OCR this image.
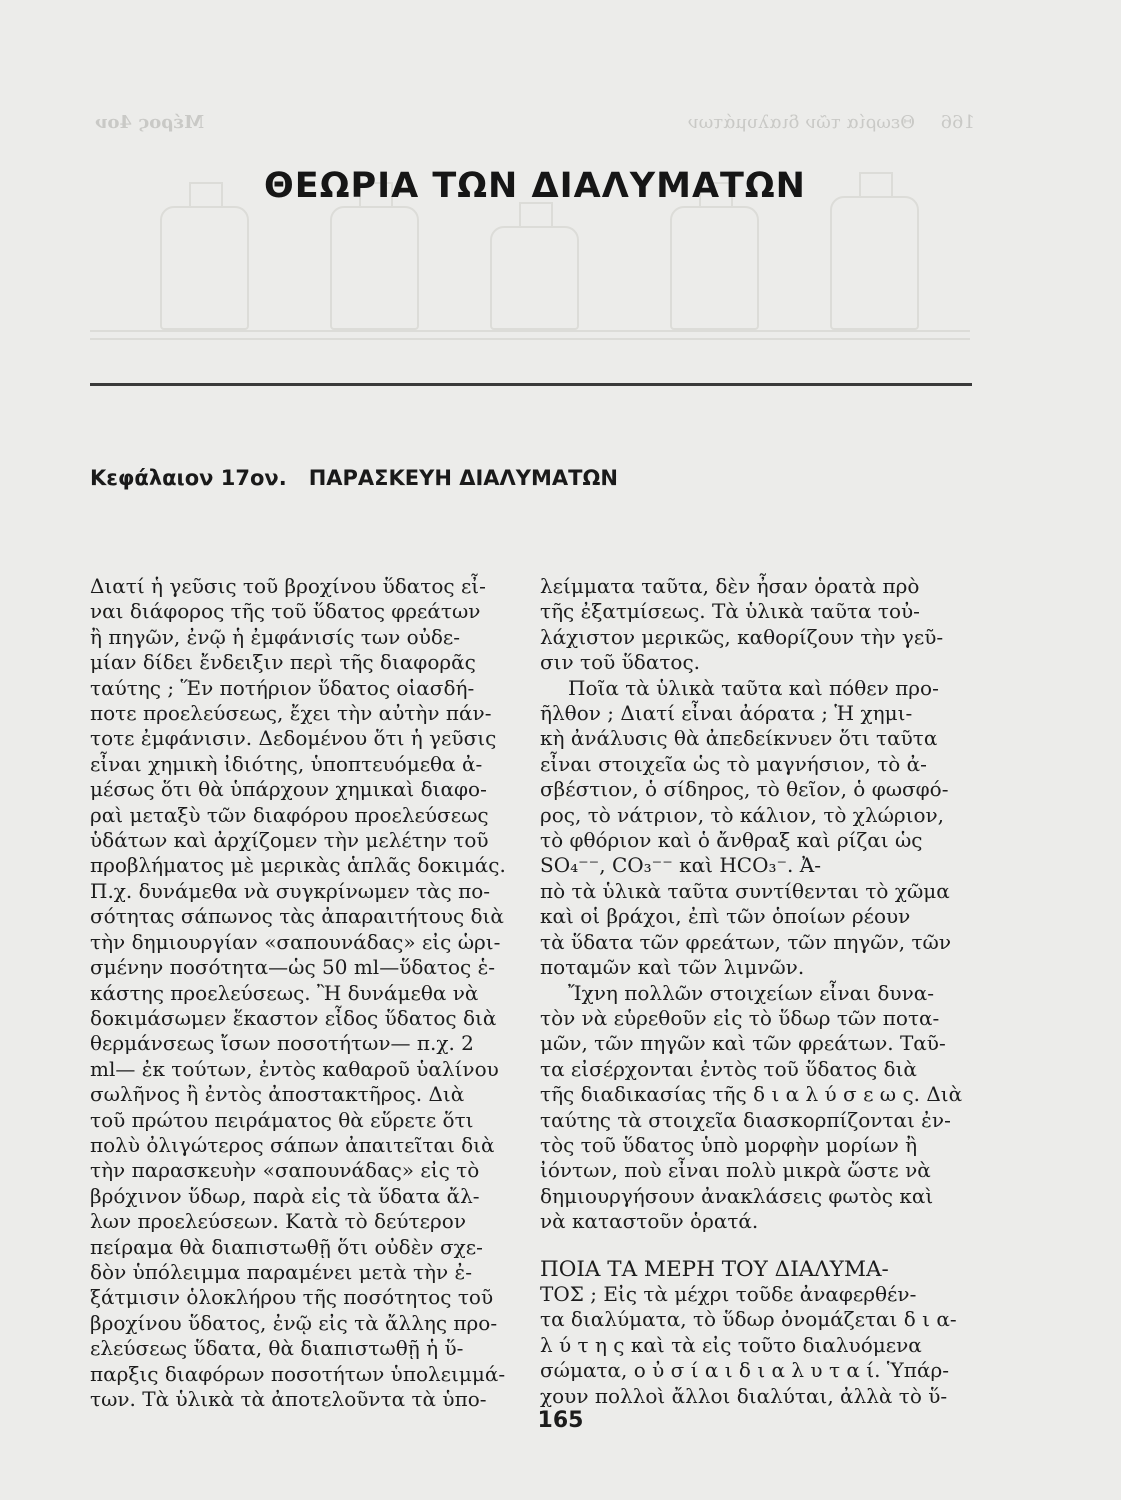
166
Θεωρία τῶν διαλυμάτων
Μέρος 4ον
ΘΕΩΡΙΑ ΤΩΝ ΔΙΑΛΥΜΑΤΩΝ
Κεφάλαιον 17ον. ΠΑΡΑΣΚΕΥΗ ΔΙΑΛΥΜΑΤΩΝ
Διατί ἡ γεῦσις τοῦ βροχίνου ὕδατος εἶ-
ναι διάφορος τῆς τοῦ ὕδατος φρεάτων
ἢ πηγῶν, ἐνῷ ἡ ἐμφάνισίς των οὐδε-
μίαν δίδει ἔνδειξιν περὶ τῆς διαφορᾶς
ταύτης ; Ἕν ποτήριον ὕδατος οἱασδή-
ποτε προελεύσεως, ἔχει τὴν αὐτὴν πάν-
τοτε ἐμφάνισιν. Δεδομένου ὅτι ἡ γεῦσις
εἶναι χημικὴ ἰδιότης, ὑποπτευόμεθα ἀ-
μέσως ὅτι θὰ ὑπάρχουν χημικαὶ διαφο-
ραὶ μεταξὺ τῶν διαφόρου προελεύσεως
ὑδάτων καὶ ἀρχίζομεν τὴν μελέτην τοῦ
προβλήματος μὲ μερικὰς ἁπλᾶς δοκιμάς.
Π.χ. δυνάμεθα νὰ συγκρίνωμεν τὰς πο-
σότητας σάπωνος τὰς ἀπαραιτήτους διὰ
τὴν δημιουργίαν «σαπουνάδας» εἰς ὡρι-
σμένην ποσότητα—ὡς 50 ml—ὕδατος ἑ-
κάστης προελεύσεως. Ἢ δυνάμεθα νὰ
δοκιμάσωμεν ἕκαστον εἶδος ὕδατος διὰ
θερμάνσεως ἴσων ποσοτήτων— π.χ. 2
ml— ἐκ τούτων, ἐντὸς καθαροῦ ὑαλίνου
σωλῆνος ἢ ἐντὸς ἀποστακτῆρος. Διὰ
τοῦ πρώτου πειράματος θὰ εὕρετε ὅτι
πολὺ ὀλιγώτερος σάπων ἀπαιτεῖται διὰ
τὴν παρασκευὴν «σαπουνάδας» εἰς τὸ
βρόχινον ὕδωρ, παρὰ εἰς τὰ ὕδατα ἄλ-
λων προελεύσεων. Κατὰ τὸ δεύτερον
πείραμα θὰ διαπιστωθῇ ὅτι οὐδὲν σχε-
δὸν ὑπόλειμμα παραμένει μετὰ τὴν ἐ-
ξάτμισιν ὁλοκλήρου τῆς ποσότητος τοῦ
βροχίνου ὕδατος, ἐνῷ εἰς τὰ ἄλλης προ-
ελεύσεως ὕδατα, θὰ διαπιστωθῇ ἡ ὕ-
παρξις διαφόρων ποσοτήτων ὑπολειμμά-
των. Τὰ ὑλικὰ τὰ ἀποτελοῦντα τὰ ὑπο-
λείμματα ταῦτα, δὲν ἦσαν ὁρατὰ πρὸ
τῆς ἐξατμίσεως. Τὰ ὑλικὰ ταῦτα τοὐ-
λάχιστον μερικῶς, καθορίζουν τὴν γεῦ-
σιν τοῦ ὕδατος.
Ποῖα τὰ ὑλικὰ ταῦτα καὶ πόθεν προ-
ῆλθον ; Διατί εἶναι ἀόρατα ; Ἡ χημι-
κὴ ἀνάλυσις θὰ ἀπεδείκνυεν ὅτι ταῦτα
εἶναι στοιχεῖα ὡς τὸ μαγνήσιον, τὸ ἀ-
σβέστιον, ὁ σίδηρος, τὸ θεῖον, ὁ φωσφό-
ρος, τὸ νάτριον, τὸ κάλιον, τὸ χλώριον,
τὸ φθόριον καὶ ὁ ἄνθραξ καὶ ρίζαι ὡς
SO₄⁻⁻, CO₃⁻⁻ καὶ HCO₃⁻. Ἀ-
πὸ τὰ ὑλικὰ ταῦτα συντίθενται τὸ χῶμα
καὶ οἱ βράχοι, ἐπὶ τῶν ὁποίων ρέουν
τὰ ὕδατα τῶν φρεάτων, τῶν πηγῶν, τῶν
ποταμῶν καὶ τῶν λιμνῶν.
Ἴχνη πολλῶν στοιχείων εἶναι δυνα-
τὸν νὰ εὑρεθοῦν εἰς τὸ ὕδωρ τῶν ποτα-
μῶν, τῶν πηγῶν καὶ τῶν φρεάτων. Ταῦ-
τα εἰσέρχονται ἐντὸς τοῦ ὕδατος διὰ
τῆς διαδικασίας τῆς δ ι α λ ύ σ ε ω ς. Διὰ
ταύτης τὰ στοιχεῖα διασκορπίζονται ἐν-
τὸς τοῦ ὕδατος ὑπὸ μορφὴν μορίων ἢ
ἰόντων, ποὺ εἶναι πολὺ μικρὰ ὥστε νὰ
δημιουργήσουν ἀνακλάσεις φωτὸς καὶ
νὰ καταστοῦν ὁρατά.
ΠΟΙΑ ΤΑ ΜΕΡΗ ΤΟΥ ΔΙΑΛΥΜΑ-
ΤΟΣ ; Εἰς τὰ μέχρι τοῦδε ἀναφερθέν-
τα διαλύματα, τὸ ὕδωρ ὀνομάζεται δ ι α-
λ ύ τ η ς καὶ τὰ εἰς τοῦτο διαλυόμενα
σώματα, ο ὐ σ ί α ι δ ι α λ υ τ α ί. Ὑπάρ-
χουν πολλοὶ ἄλλοι διαλύται, ἀλλὰ τὸ ὕ-
165
